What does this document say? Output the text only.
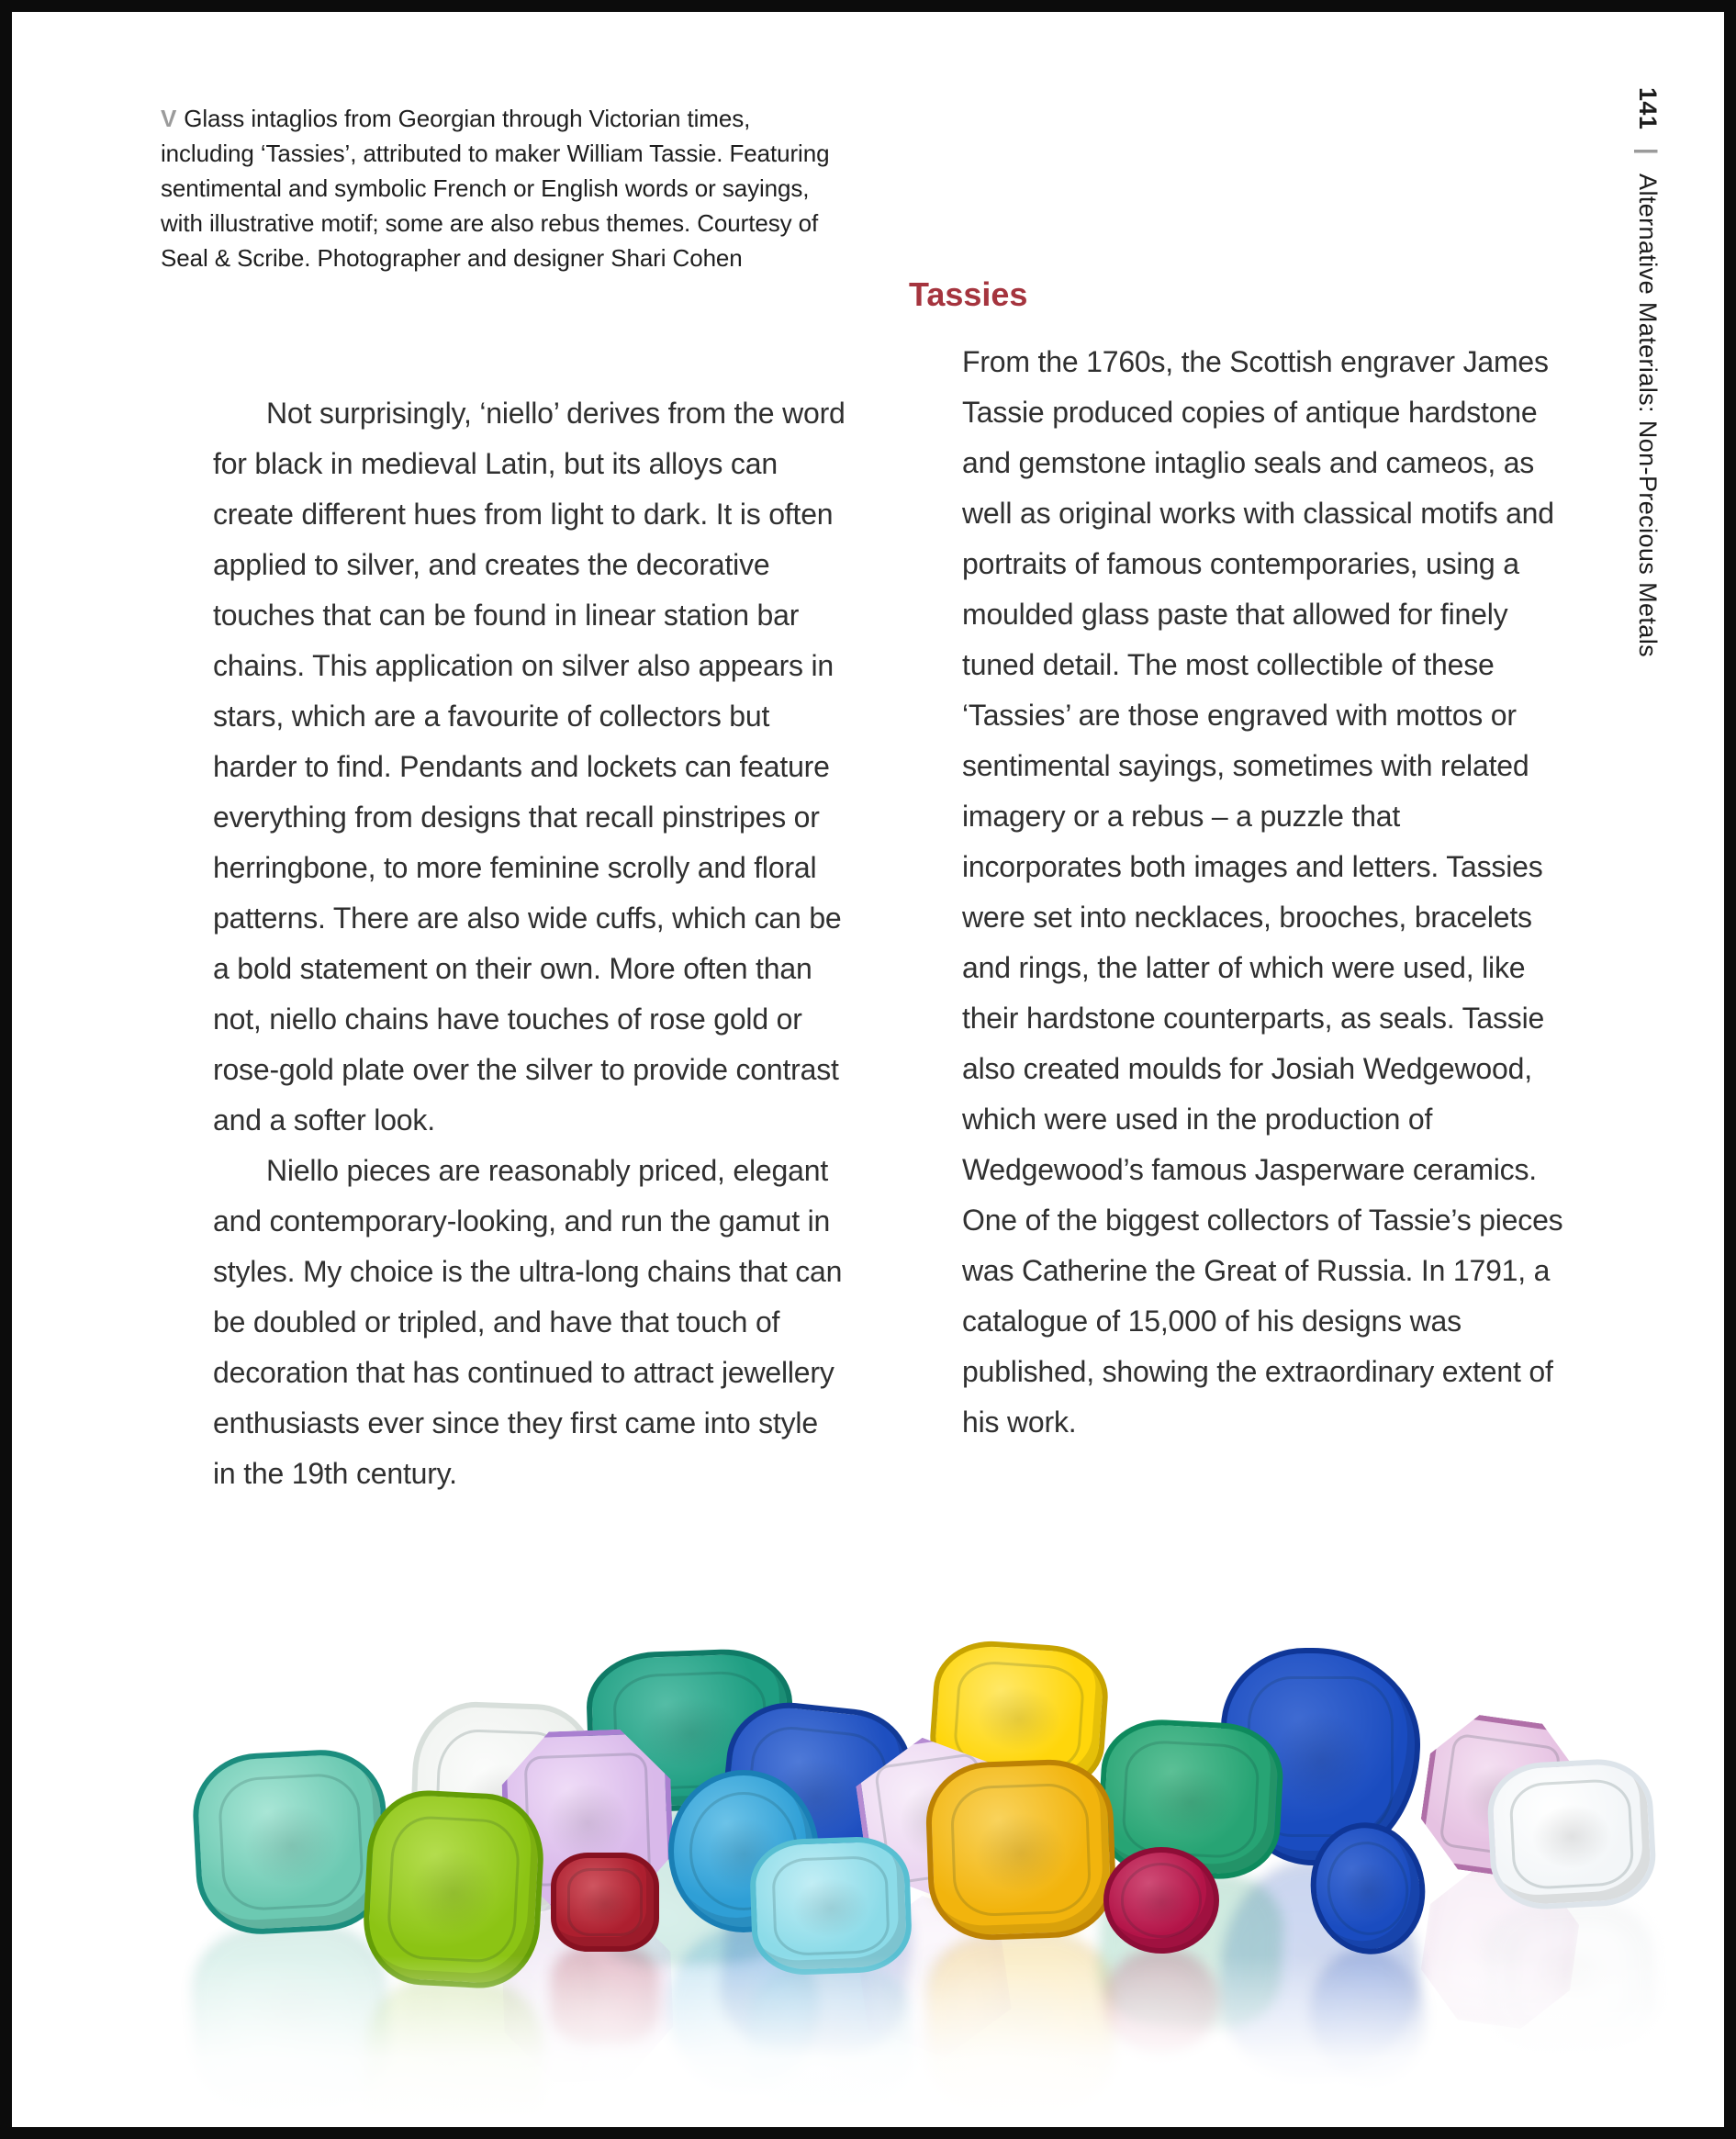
V Glass intaglios from Georgian through Victorian times, including ‘Tassies’, attributed to maker William Tassie. Featuring sentimental and symbolic French or English words or sayings, with illustrative motif; some are also rebus themes. Courtesy of Seal & Scribe. Photographer and designer Shari Cohen
141 | Alternative Materials: Non-Precious Metals

Not surprisingly, ‘niello’ derives from the word for black in medieval Latin, but its alloys can create different hues from light to dark. It is often applied to silver, and creates the decorative touches that can be found in linear station bar chains. This application on silver also appears in stars, which are a favourite of collectors but harder to find. Pendants and lockets can feature everything from designs that recall pinstripes or herringbone, to more feminine scrolly and floral patterns. There are also wide cuffs, which can be a bold statement on their own. More often than not, niello chains have touches of rose gold or rose-gold plate over the silver to provide contrast and a softer look.

Niello pieces are reasonably priced, elegant and contemporary-looking, and run the gamut in styles. My choice is the ultra-long chains that can be doubled or tripled, and have that touch of decoration that has continued to attract jewellery enthusiasts ever since they first came into style in the 19th century.

Tassies

From the 1760s, the Scottish engraver James Tassie produced copies of antique hardstone and gemstone intaglio seals and cameos, as well as original works with classical motifs and portraits of famous contemporaries, using a moulded glass paste that allowed for finely tuned detail. The most collectible of these ‘Tassies’ are those engraved with mottos or sentimental sayings, sometimes with related imagery or a rebus – a puzzle that incorporates both images and letters. Tassies were set into necklaces, brooches, bracelets and rings, the latter of which were used, like their hardstone counterparts, as seals. Tassie also created moulds for Josiah Wedgewood, which were used in the production of Wedgewood’s famous Jasperware ceramics. One of the biggest collectors of Tassie’s pieces was Catherine the Great of Russia. In 1791, a catalogue of 15,000 of his designs was published, showing the extraordinary extent of his work.
